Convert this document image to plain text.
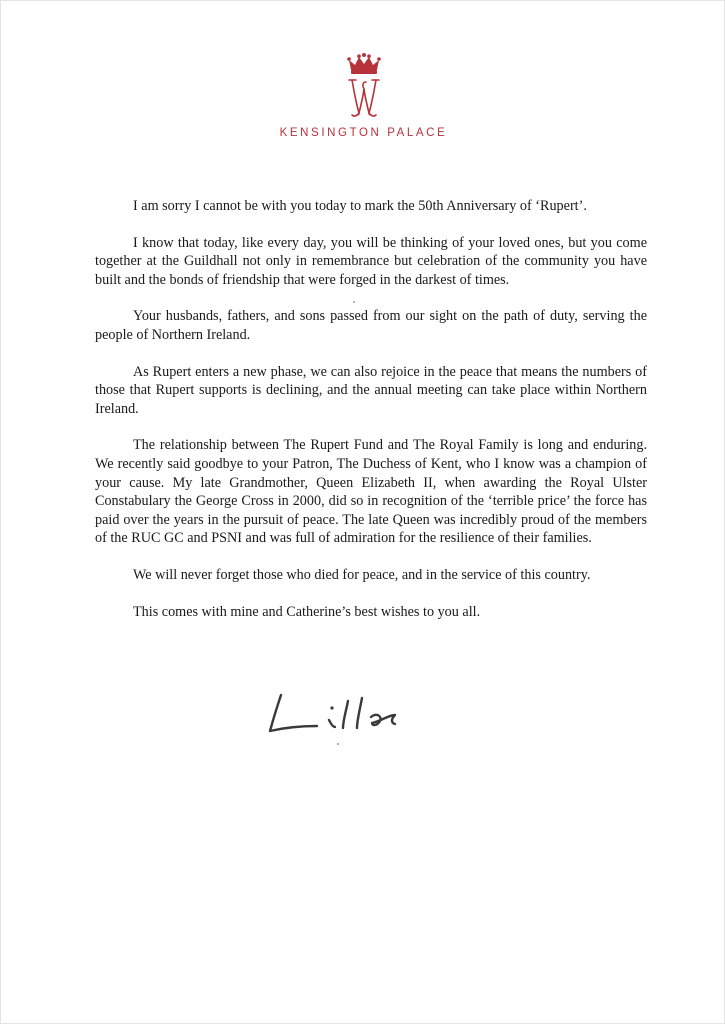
KENSINGTON PALACE

I am sorry I cannot be with you today to mark the 50th Anniversary of ‘Rupert’.

I know that today, like every day, you will be thinking of your loved ones, but you come together at the Guildhall not only in remembrance but celebration of the community you have built and the bonds of friendship that were forged in the darkest of times.

Your husbands, fathers, and sons passed from our sight on the path of duty, serving the people of Northern Ireland.

As Rupert enters a new phase, we can also rejoice in the peace that means the numbers of those that Rupert supports is declining, and the annual meeting can take place within Northern Ireland.

The relationship between The Rupert Fund and The Royal Family is long and enduring. We recently said goodbye to your Patron, The Duchess of Kent, who I know was a champion of your cause. My late Grandmother, Queen Elizabeth II, when awarding the Royal Ulster Constabulary the George Cross in 2000, did so in recognition of the ‘terrible price’ the force has paid over the years in the pursuit of peace. The late Queen was incredibly proud of the members of the RUC GC and PSNI and was full of admiration for the resilience of their families.

We will never forget those who died for peace, and in the service of this country.

This comes with mine and Catherine’s best wishes to you all.
